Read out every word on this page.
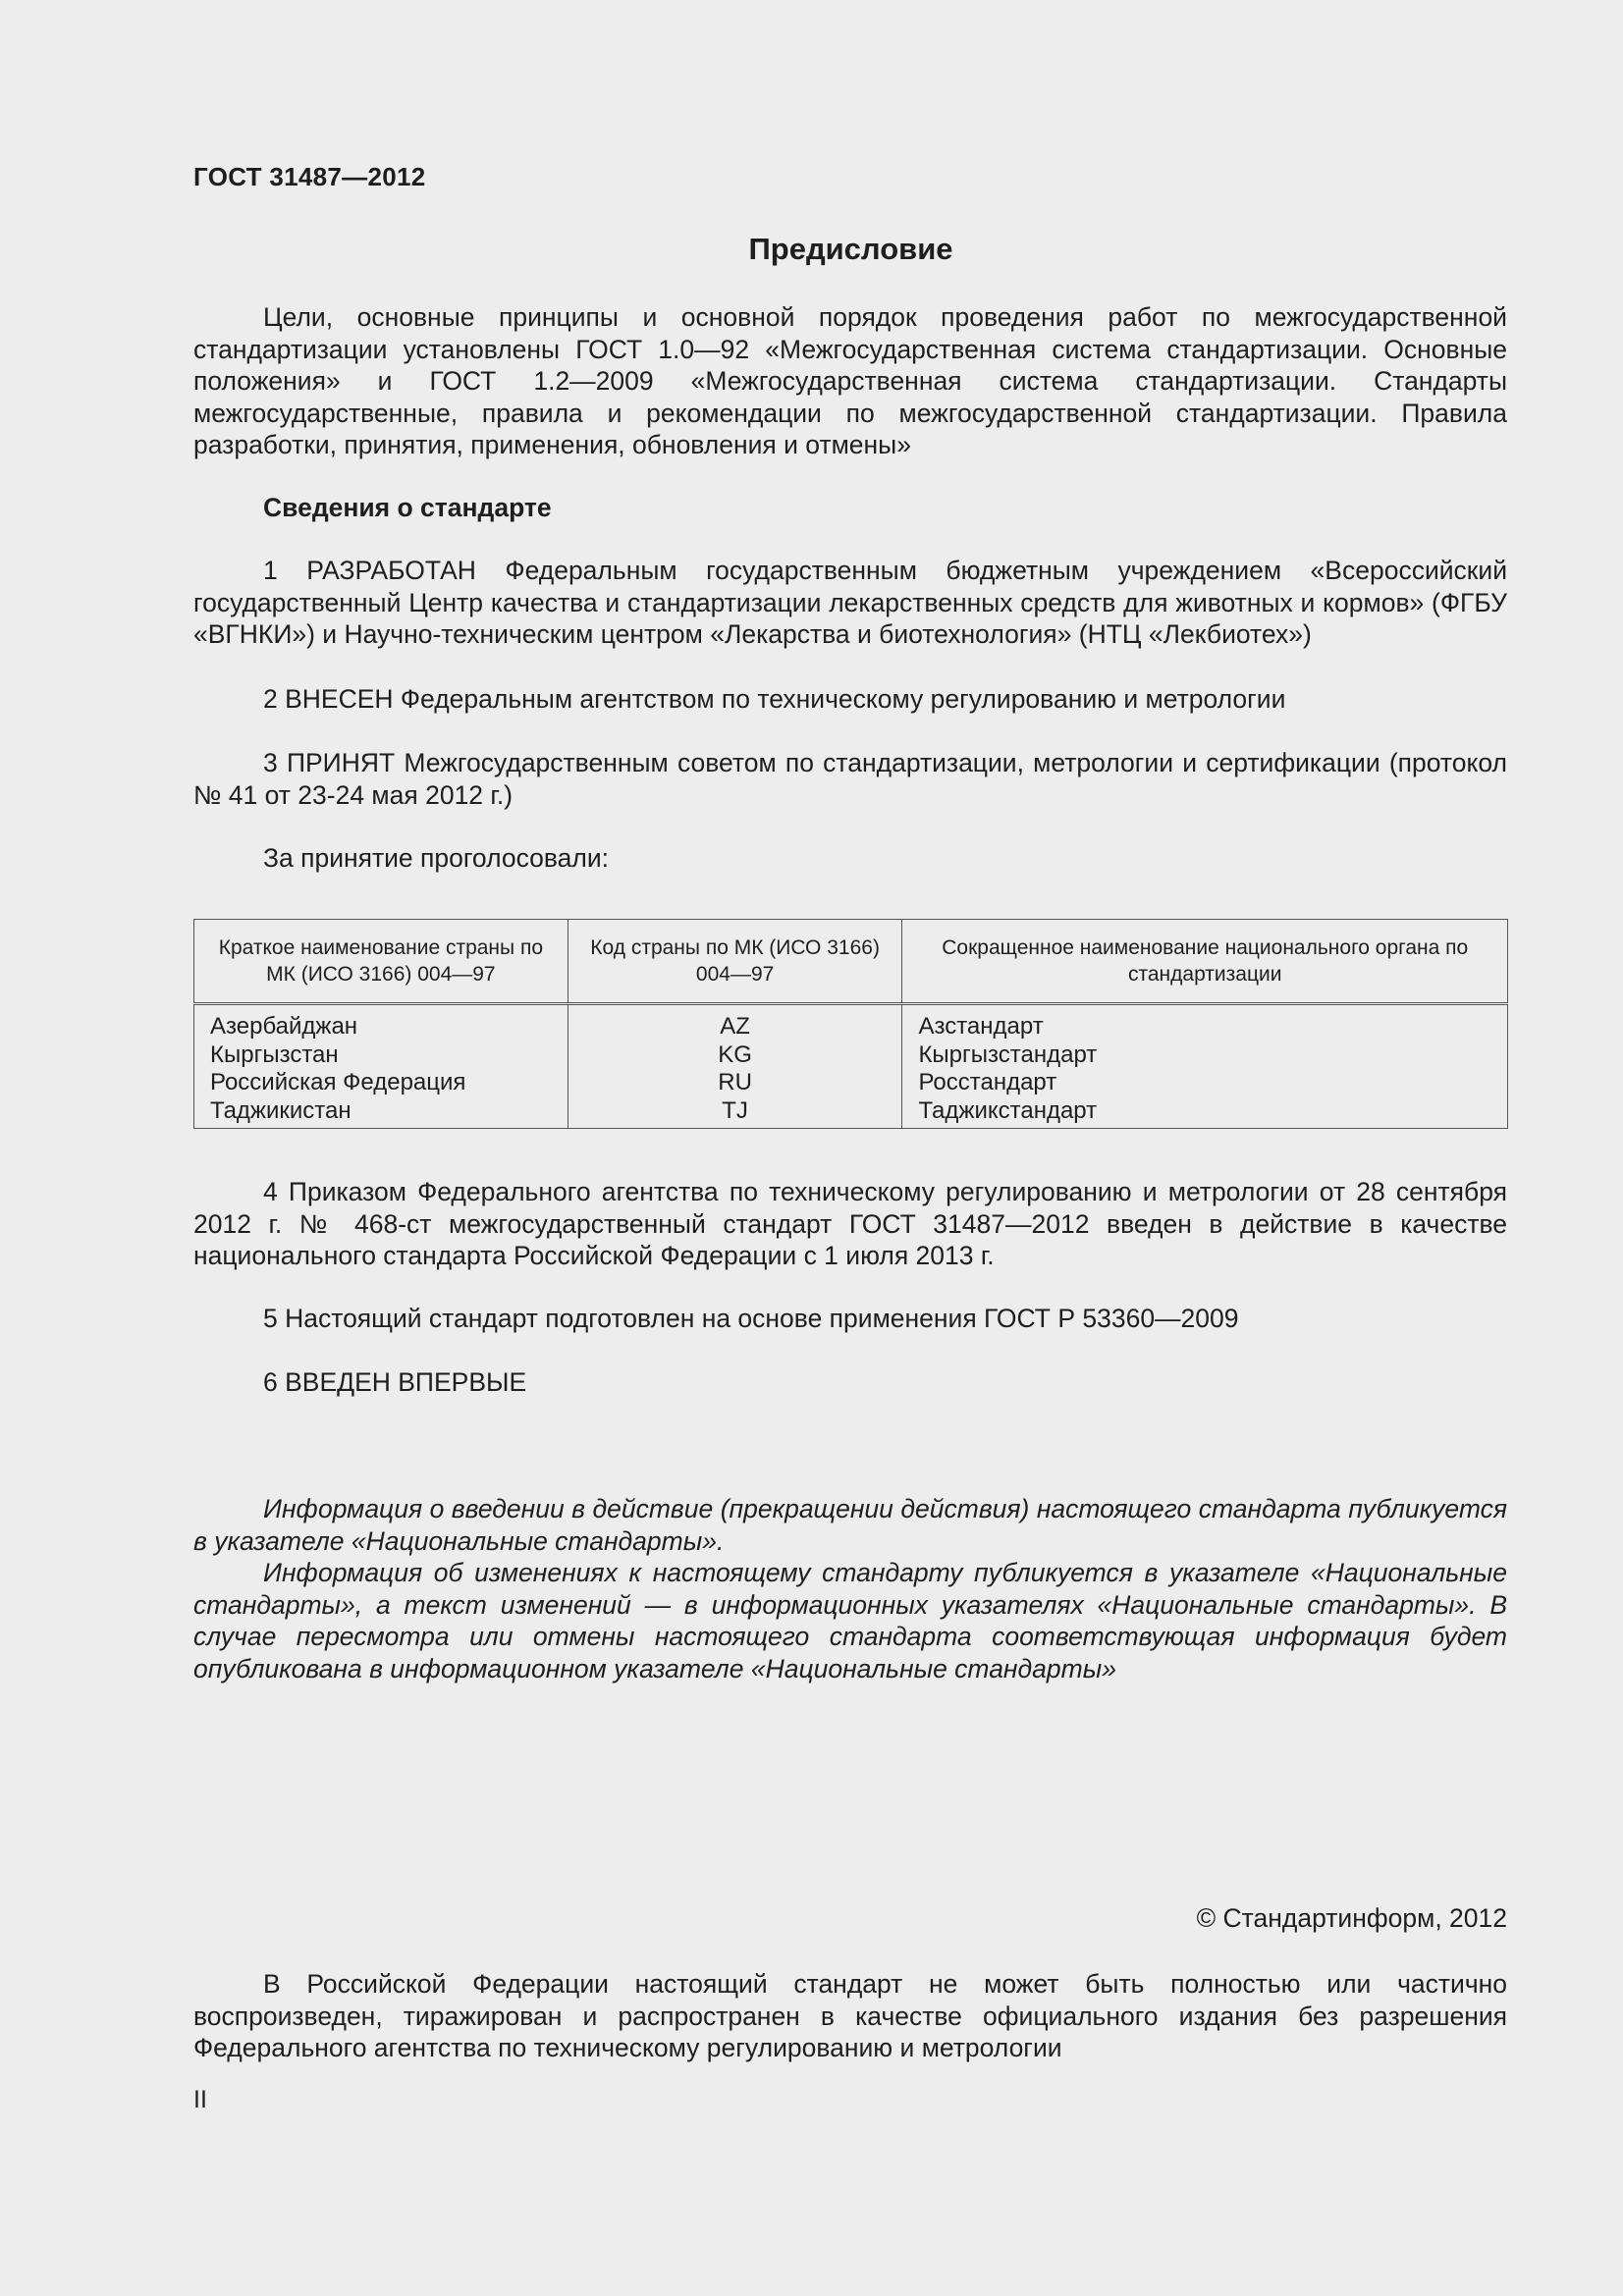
ГОСТ 31487—2012
Предисловие

Цели, основные принципы и основной порядок проведения работ по межгосударственной стандартизации установлены ГОСТ 1.0—92 «Межгосударственная система стандартизации. Основные положения» и ГОСТ 1.2—2009 «Межгосударственная система стандартизации. Стандарты межгосударственные, правила и рекомендации по межгосударственной стандартизации. Правила разработки, принятия, применения, обновления и отмены»

Сведения о стандарте

1 РАЗРАБОТАН Федеральным государственным бюджетным учреждением «Всероссийский государственный Центр качества и стандартизации лекарственных средств для животных и кормов» (ФГБУ «ВГНКИ») и Научно-техническим центром «Лекарства и биотехнология» (НТЦ «Лекбиотех»)

2 ВНЕСЕН Федеральным агентством по техническому регулированию и метрологии

3 ПРИНЯТ Межгосударственным советом по стандартизации, метрологии и сертификации (протокол № 41 от 23-24 мая 2012 г.)

За принятие проголосовали:

Краткое наименование страны по МК (ИСО 3166) 004—97	Код страны по МК (ИСО 3166) 004—97	Сокращенное наименование национального органа по стандартизации
Азербайджан	AZ	Азстандарт
Кыргызстан	KG	Кыргызстандарт
Российская Федерация	RU	Росстандарт
Таджикистан	TJ	Таджикстандарт

4 Приказом Федерального агентства по техническому регулированию и метрологии от 28 сентября 2012 г. № 468-ст межгосударственный стандарт ГОСТ 31487—2012 введен в действие в качестве национального стандарта Российской Федерации с 1 июля 2013 г.

5 Настоящий стандарт подготовлен на основе применения ГОСТ Р 53360—2009

6 ВВЕДЕН ВПЕРВЫЕ

Информация о введении в действие (прекращении действия) настоящего стандарта публикуется в указателе «Национальные стандарты».

Информация об изменениях к настоящему стандарту публикуется в указателе «Национальные стандарты», а текст изменений — в информационных указателях «Национальные стандарты». В случае пересмотра или отмены настоящего стандарта соответствующая информация будет опубликована в информационном указателе «Национальные стандарты»

© Стандартинформ, 2012

В Российской Федерации настоящий стандарт не может быть полностью или частично воспроизведен, тиражирован и распространен в качестве официального издания без разрешения Федерального агентства по техническому регулированию и метрологии

II
